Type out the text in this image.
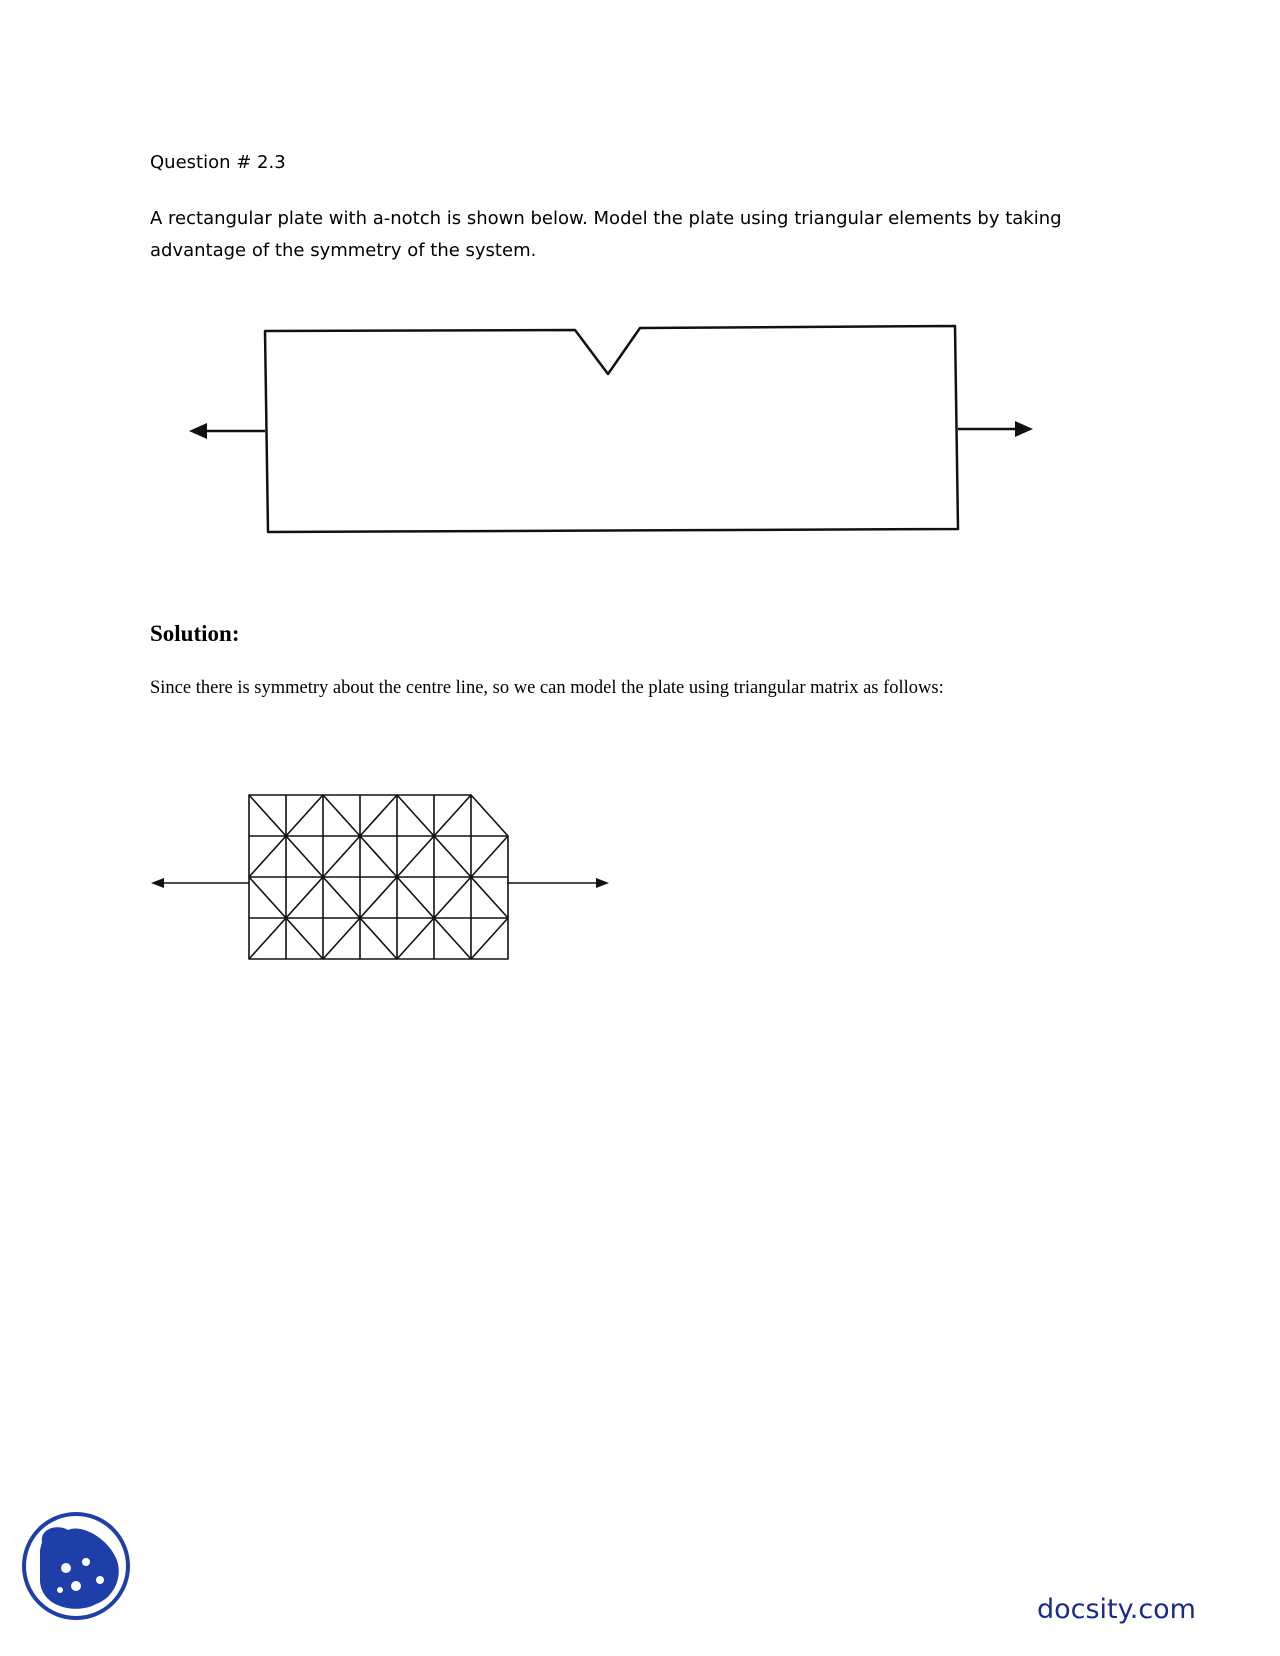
Question # 2.3
A rectangular plate with a-notch is shown below. Model the plate using triangular elements by taking advantage of the symmetry of the system.
Solution:
Since there is symmetry about the centre line, so we can model the plate using triangular matrix as follows:
docsity.com
